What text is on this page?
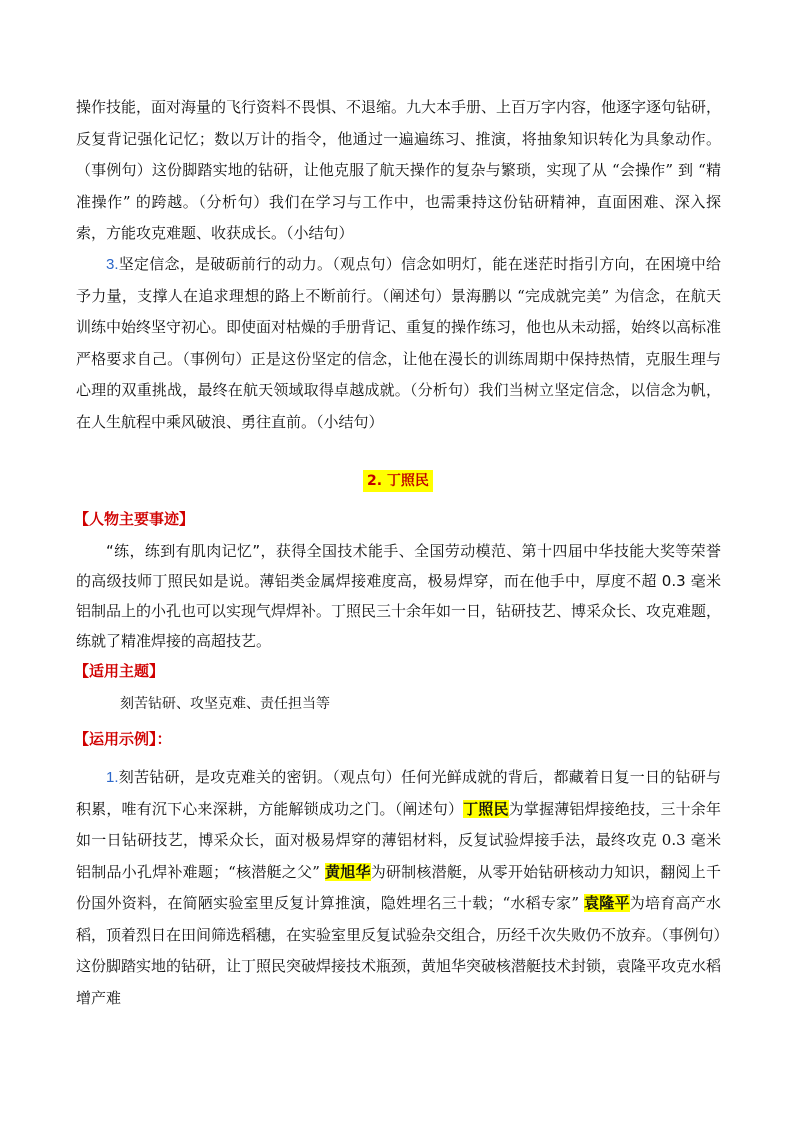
操作技能，面对海量的飞行资料不畏惧、不退缩。九大本手册、上百万字内容，他逐字逐句钻研，反复背记强化记忆；数以万计的指令，他通过一遍遍练习、推演，将抽象知识转化为具象动作。（事例句）这份脚踏实地的钻研，让他克服了航天操作的复杂与繁琐，实现了从 “会操作” 到 “精准操作” 的跨越。（分析句）我们在学习与工作中，也需秉持这份钻研精神，直面困难、深入探索，方能攻克难题、收获成长。（小结句）

3.坚定信念，是破砺前行的动力。（观点句）信念如明灯，能在迷茫时指引方向，在困境中给予力量，支撑人在追求理想的路上不断前行。（阐述句）景海鹏以 “完成就完美” 为信念，在航天训练中始终坚守初心。即使面对枯燥的手册背记、重复的操作练习，他也从未动摇，始终以高标准严格要求自己。（事例句）正是这份坚定的信念，让他在漫长的训练周期中保持热情，克服生理与心理的双重挑战，最终在航天领域取得卓越成就。（分析句）我们当树立坚定信念，以信念为帆，在人生航程中乘风破浪、勇往直前。（小结句）

2. 丁照民

【人物主要事迹】

“练，练到有肌肉记忆”，获得全国技术能手、全国劳动模范、第十四届中华技能大奖等荣誉的高级技师丁照民如是说。薄铝类金属焊接难度高，极易焊穿，而在他手中，厚度不超 0.3 毫米铝制品上的小孔也可以实现气焊焊补。丁照民三十余年如一日，钻研技艺、博采众长、攻克难题，练就了精准焊接的高超技艺。

【适用主题】

刻苦钻研、攻坚克难、责任担当等

【运用示例】：

1.刻苦钻研，是攻克难关的密钥。（观点句）任何光鲜成就的背后，都藏着日复一日的钻研与积累，唯有沉下心来深耕，方能解锁成功之门。（阐述句）丁照民为掌握薄铝焊接绝技，三十余年如一日钻研技艺，博采众长，面对极易焊穿的薄铝材料，反复试验焊接手法，最终攻克 0.3 毫米铝制品小孔焊补难题；“核潜艇之父” 黄旭华为研制核潜艇，从零开始钻研核动力知识，翻阅上千份国外资料，在简陋实验室里反复计算推演，隐姓埋名三十载；“水稻专家” 袁隆平为培育高产水稻，顶着烈日在田间筛选稻穗，在实验室里反复试验杂交组合，历经千次失败仍不放弃。（事例句）这份脚踏实地的钻研，让丁照民突破焊接技术瓶颈，黄旭华突破核潜艇技术封锁，袁隆平攻克水稻增产难
